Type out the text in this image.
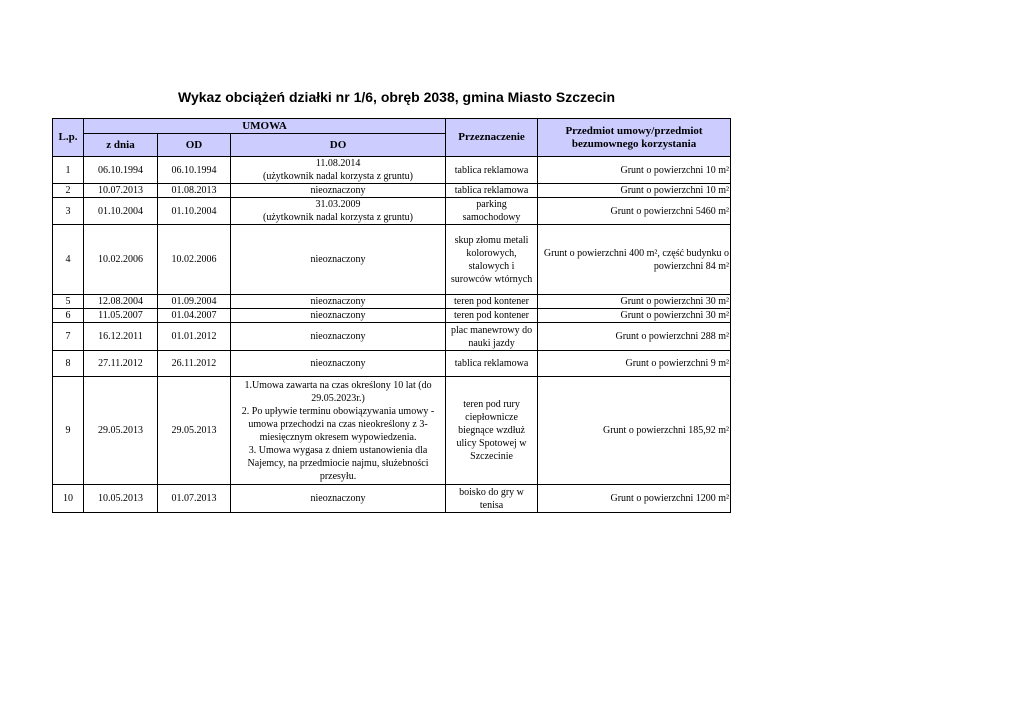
Wykaz obciążeń działki nr 1/6, obręb 2038, gmina Miasto Szczecin
L.p.	UMOWA			Przeznaczenie	Przedmiot umowy/przedmiot bezumownego korzystania
	z dnia	OD	DO		
1	06.10.1994	06.10.1994	11.08.2014
(użytkownik nadal korzysta z gruntu)	tablica reklamowa	Grunt o powierzchni 10 m²
2	10.07.2013	01.08.2013	nieoznaczony	tablica reklamowa	Grunt o powierzchni 10 m²
3	01.10.2004	01.10.2004	31.03.2009
(użytkownik nadal korzysta z gruntu)	parking samochodowy	Grunt o powierzchni 5460 m²
4	10.02.2006	10.02.2006	nieoznaczony	skup złomu metali kolorowych, stalowych i surowców wtórnych	Grunt o powierzchni 400 m², część budynku o powierzchni 84 m²
5	12.08.2004	01.09.2004	nieoznaczony	teren pod kontener	Grunt o powierzchni 30 m²
6	11.05.2007	01.04.2007	nieoznaczony	teren pod kontener	Grunt o powierzchni 30 m²
7	16.12.2011	01.01.2012	nieoznaczony	plac manewrowy do nauki jazdy	Grunt o powierzchni 288 m²
8	27.11.2012	26.11.2012	nieoznaczony	tablica reklamowa	Grunt o powierzchni 9 m²
9	29.05.2013	29.05.2013	1.Umowa zawarta na czas określony 10 lat (do 29.05.2023r.)
2. Po upływie terminu obowiązywania umowy - umowa przechodzi na czas nieokreślony z 3-miesięcznym okresem wypowiedzenia.
3. Umowa wygasa z dniem ustanowienia dla Najemcy, na przedmiocie najmu, służebności przesyłu.	teren pod rury ciepłownicze biegnące wzdłuż ulicy Spotowej w Szczecinie	Grunt o powierzchni 185,92 m²
10	10.05.2013	01.07.2013	nieoznaczony	boisko do gry w tenisa	Grunt o powierzchni 1200 m²
